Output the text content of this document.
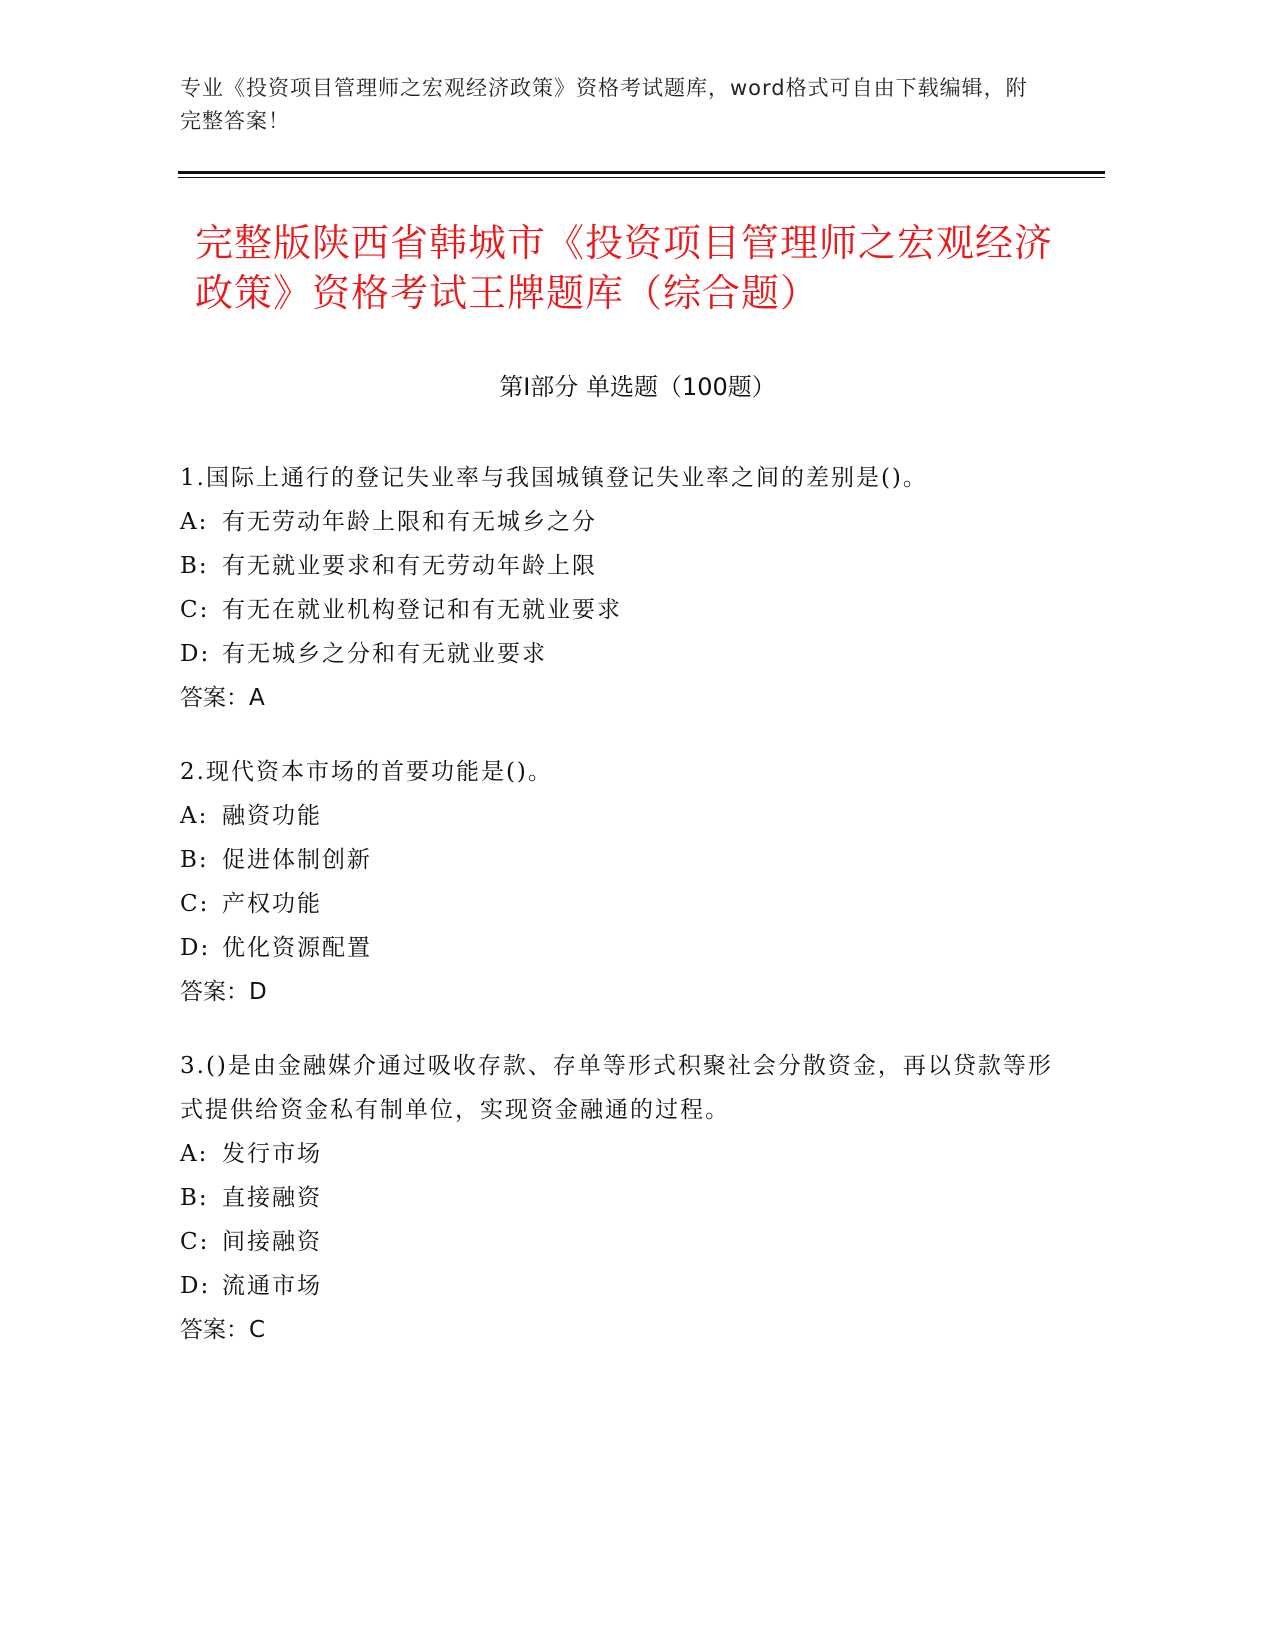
专业《投资项目管理师之宏观经济政策》资格考试题库，word格式可自由下载编辑，附完整答案！
完整版陕西省韩城市《投资项目管理师之宏观经济政策》资格考试王牌题库（综合题）
第Ⅰ部分 单选题（100题）
1.国际上通行的登记失业率与我国城镇登记失业率之间的差别是()。
A: 有无劳动年龄上限和有无城乡之分
B: 有无就业要求和有无劳动年龄上限
C: 有无在就业机构登记和有无就业要求
D: 有无城乡之分和有无就业要求
答案：A
2.现代资本市场的首要功能是()。
A: 融资功能
B: 促进体制创新
C: 产权功能
D: 优化资源配置
答案：D
3.()是由金融媒介通过吸收存款、存单等形式积聚社会分散资金，再以贷款等形式提供给资金私有制单位，实现资金融通的过程。
A: 发行市场
B: 直接融资
C: 间接融资
D: 流通市场
答案：C
